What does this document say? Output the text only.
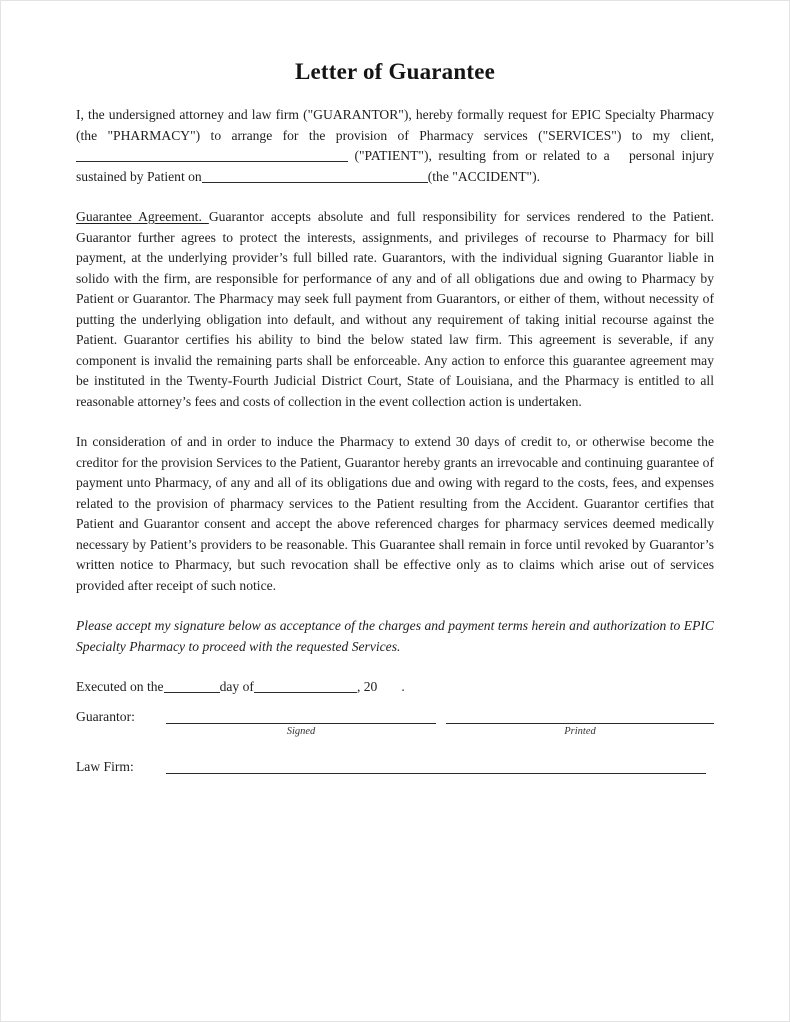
Letter of Guarantee

I, the undersigned attorney and law firm ("GUARANTOR"), hereby formally request for EPIC Specialty Pharmacy (the "PHARMACY") to arrange for the provision of Pharmacy services ("SERVICES") to my client,  ("PATIENT"), resulting from or related to a   personal injury sustained by Patient on	(the "ACCIDENT").

Guarantee Agreement. Guarantor accepts absolute and full responsibility for services rendered to the Patient. Guarantor further agrees to protect the interests, assignments, and privileges of recourse to Pharmacy for bill payment, at the underlying provider’s full billed rate. Guarantors, with the individual signing Guarantor liable in solido with the firm, are responsible for performance of any and of all obligations due and owing to Pharmacy by Patient or Guarantor. The Pharmacy may seek full payment from Guarantors, or either of them, without necessity of putting the underlying obligation into default, and without any requirement of taking initial recourse against the Patient. Guarantor certifies his ability to bind the below stated law firm. This agreement is severable, if any component is invalid the remaining parts shall be enforceable. Any action to enforce this guarantee agreement may be instituted in the Twenty-Fourth Judicial District Court, State of Louisiana, and the Pharmacy is entitled to all reasonable attorney’s fees and costs of collection in the event collection action is undertaken.

In consideration of and in order to induce the Pharmacy to extend 30 days of credit to, or otherwise become the creditor for the provision Services to the Patient, Guarantor hereby grants an irrevocable and continuing guarantee of payment unto Pharmacy, of any and all of its obligations due and owing with regard to the costs, fees, and expenses related to the provision of pharmacy services to the Patient resulting from the Accident. Guarantor certifies that Patient and Guarantor consent and accept the above referenced charges for pharmacy services deemed medically necessary by Patient’s providers to be reasonable. This Guarantee shall remain in force until revoked by Guarantor’s written notice to Pharmacy, but such revocation shall be effective only as to claims which arise out of services provided after receipt of such notice.

Please accept my signature below as acceptance of the charges and payment terms herein and authorization to EPIC Specialty Pharmacy to proceed with the requested Services.

Executed on the	day of	, 20 .

Guarantor:
Signed	Printed
Law Firm:
